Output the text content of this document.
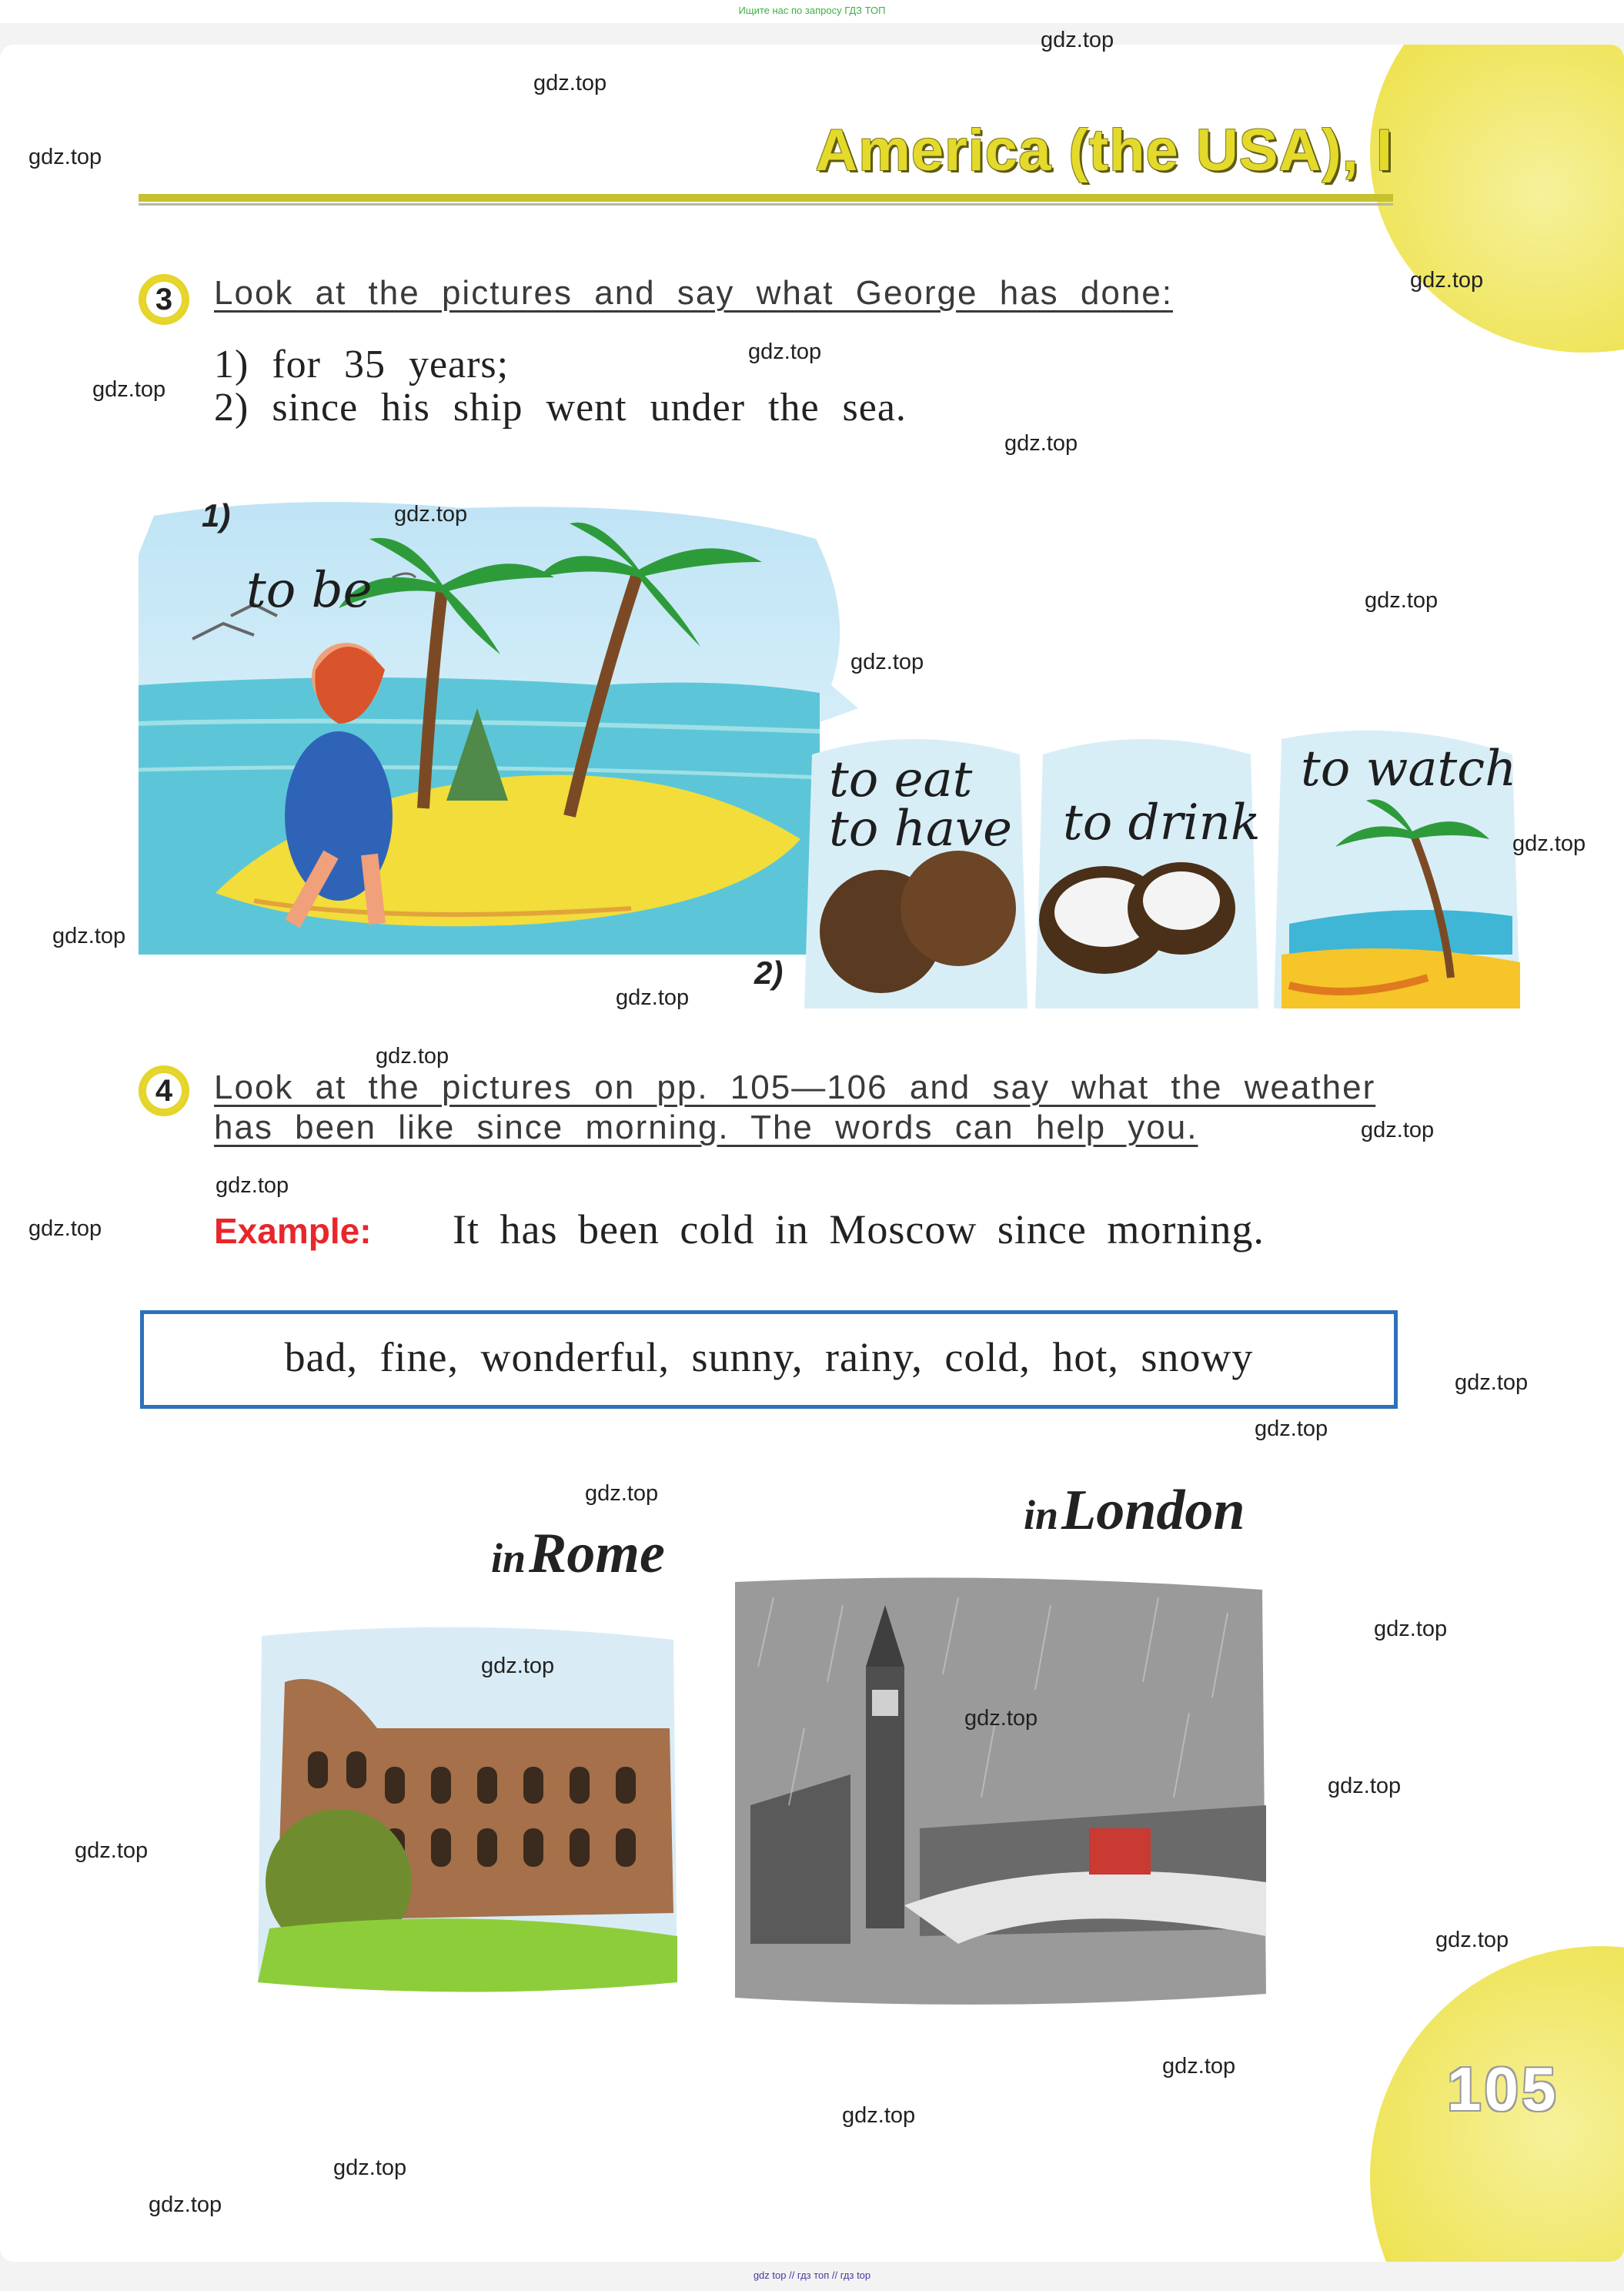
Ищите нас по запросу ГДЗ ТОП
America (the USA), I
3	Look at the pictures and say what George has done:
1) for 35 years;
2) since his ship went under the sea.
1)
to be
2)
to eat
to have to drink
to watch
4	Look at the pictures on pp. 105—106 and say what the weather
has been like since morning. The words can help you.
Example: It has been cold in Moscow since morning.
bad, fine, wonderful, sunny, rainy, cold, hot, snowy
in Rome
in London
105
gdz.top
gdz.top
gdz.top
gdz.top
gdz.top
gdz.top
gdz.top
gdz.top
gdz.top
gdz.top
gdz.top
gdz.top
gdz.top
gdz.top
gdz.top
gdz.top
gdz.top
gdz.top
gdz.top
gdz.top
gdz.top
gdz.top
gdz.top
gdz.top
gdz.top
gdz.top
gdz.top
gdz.top
gdz.top
gdz.top
gdz top // гдз топ // гдз top
